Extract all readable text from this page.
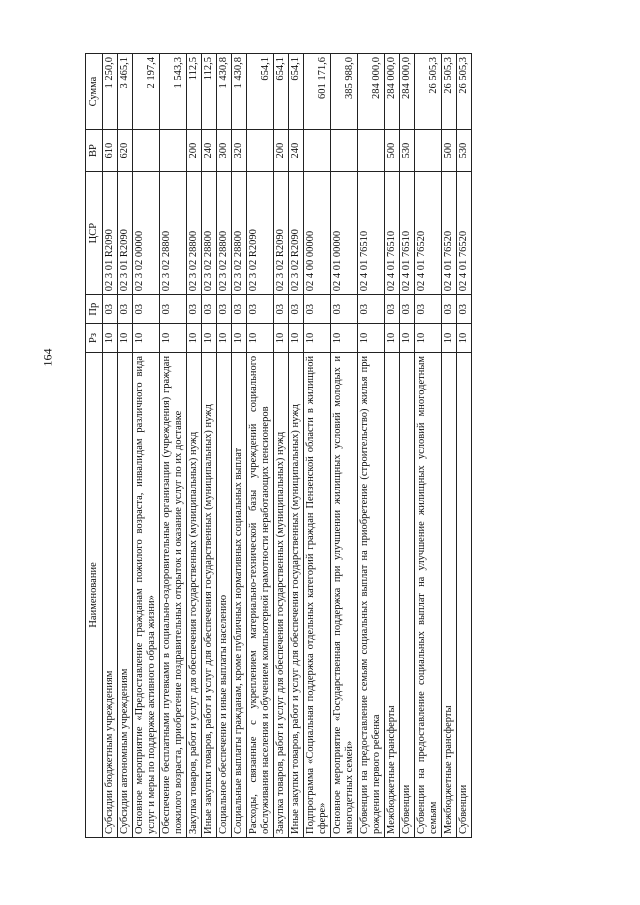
164
Наименование	Рз	Пр	ЦСР	ВР	Сумма
Субсидии бюджетным учреждениям	10	03	02 3 01 R2090	610	1 250,0
Субсидии автономным учреждениям	10	03	02 3 01 R2090	620	3 465,1
Основное мероприятие «Предоставление гражданам пожилого возраста, инвалидам различного вида услуг и меры по поддержке активного образа жизни»	10	03	02 3 02 00000		2 197,4
Обеспечение бесплатными путевками в социально-оздоровительные организации (учреждения) граждан пожилого возраста, приобретение поздравительных открыток и оказание услуг по их доставке	10	03	02 3 02 28800		1 543,3
Закупка товаров, работ и услуг для обеспечения государственных (муниципальных) нужд	10	03	02 3 02 28800	200	112,5
Иные закупки товаров, работ и услуг для обеспечения государственных (муниципальных) нужд	10	03	02 3 02 28800	240	112,5
Социальное обеспечение и иные выплаты населению	10	03	02 3 02 28800	300	1 430,8
Социальные выплаты гражданам, кроме публичных нормативных социальных выплат	10	03	02 3 02 28800	320	1 430,8
Расходы, связанные с укреплением материально-технической базы учреждений социального обслуживания населения и обучением компьютерной грамотности неработающих пенсионеров	10	03	02 3 02 R2090		654,1
Закупка товаров, работ и услуг для обеспечения государственных (муниципальных) нужд	10	03	02 3 02 R2090	200	654,1
Иные закупки товаров, работ и услуг для обеспечения государственных (муниципальных) нужд	10	03	02 3 02 R2090	240	654,1
Подпрограмма «Социальная поддержка отдельных категорий граждан Пензенской области в жилищной сфере»	10	03	02 4 00 00000		601 171,6
Основное мероприятие «Государственная поддержка при улучшении жилищных условий молодых и многодетных семей»	10	03	02 4 01 00000		385 988,0
Субвенции на предоставление семьям социальных выплат на приобретение (строительство) жилья при рождении первого ребенка	10	03	02 4 01 76510		284 000,0
Межбюджетные трансферты	10	03	02 4 01 76510	500	284 000,0
Субвенции	10	03	02 4 01 76510	530	284 000,0
Субвенции на предоставление социальных выплат на улучшение жилищных условий многодетным семьям	10	03	02 4 01 76520		26 505,3
Межбюджетные трансферты	10	03	02 4 01 76520	500	26 505,3
Субвенции	10	03	02 4 01 76520	530	26 505,3
